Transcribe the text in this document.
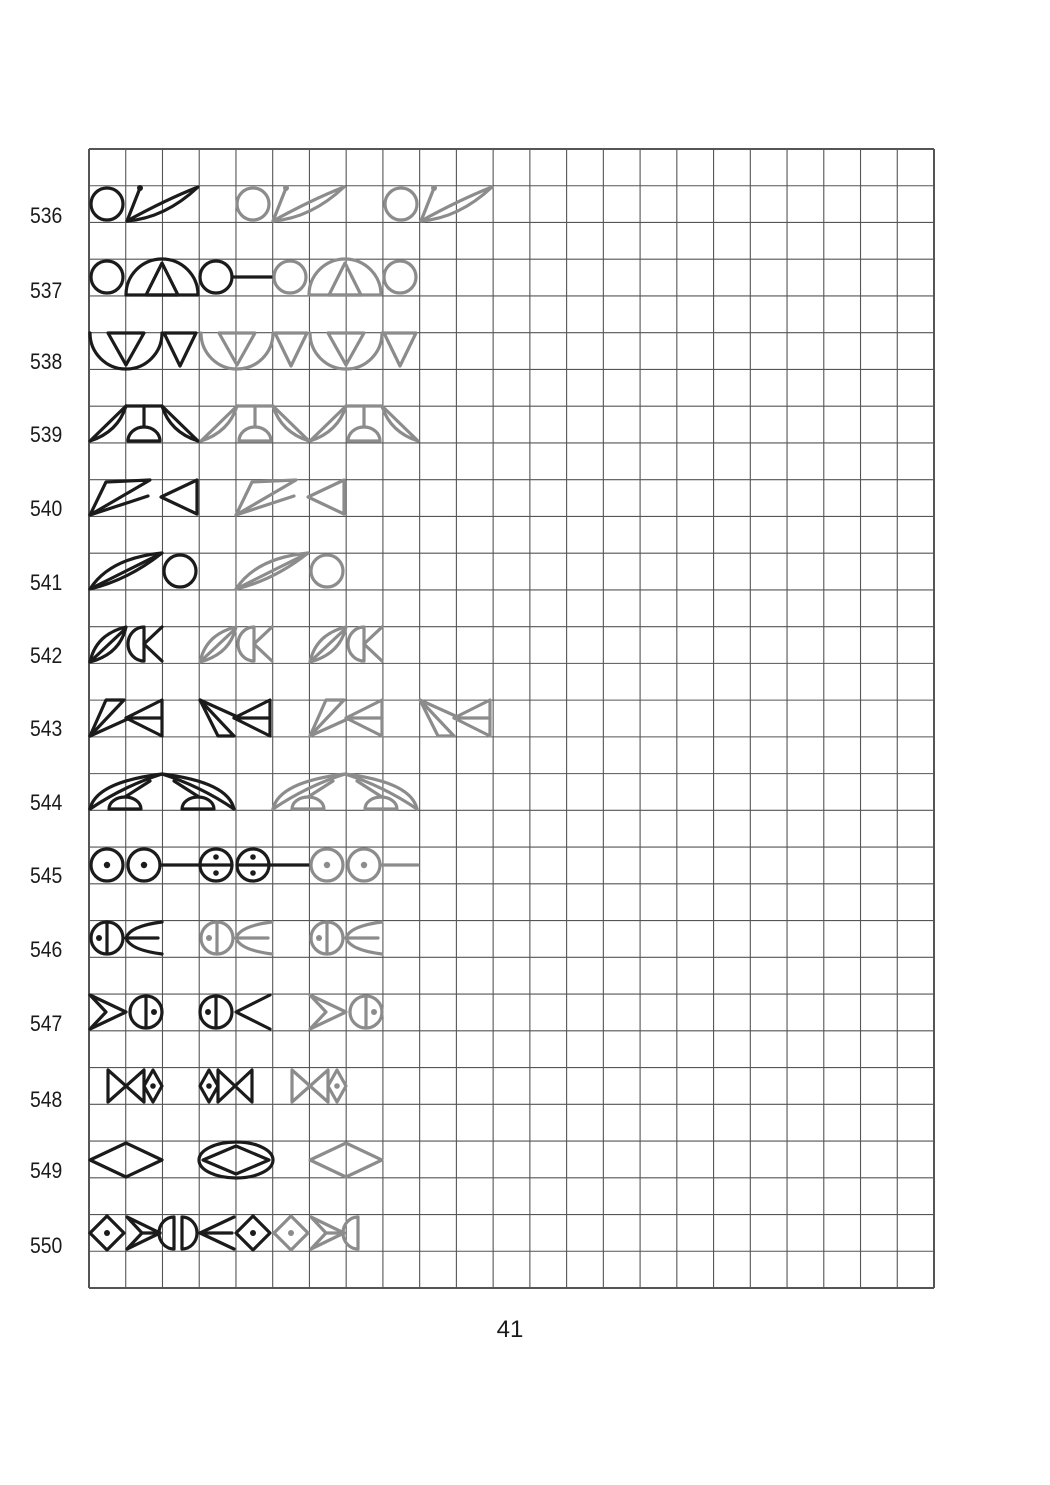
536
537
538
539
540
541
542
543
544
545
546
547
548
549
550
41
